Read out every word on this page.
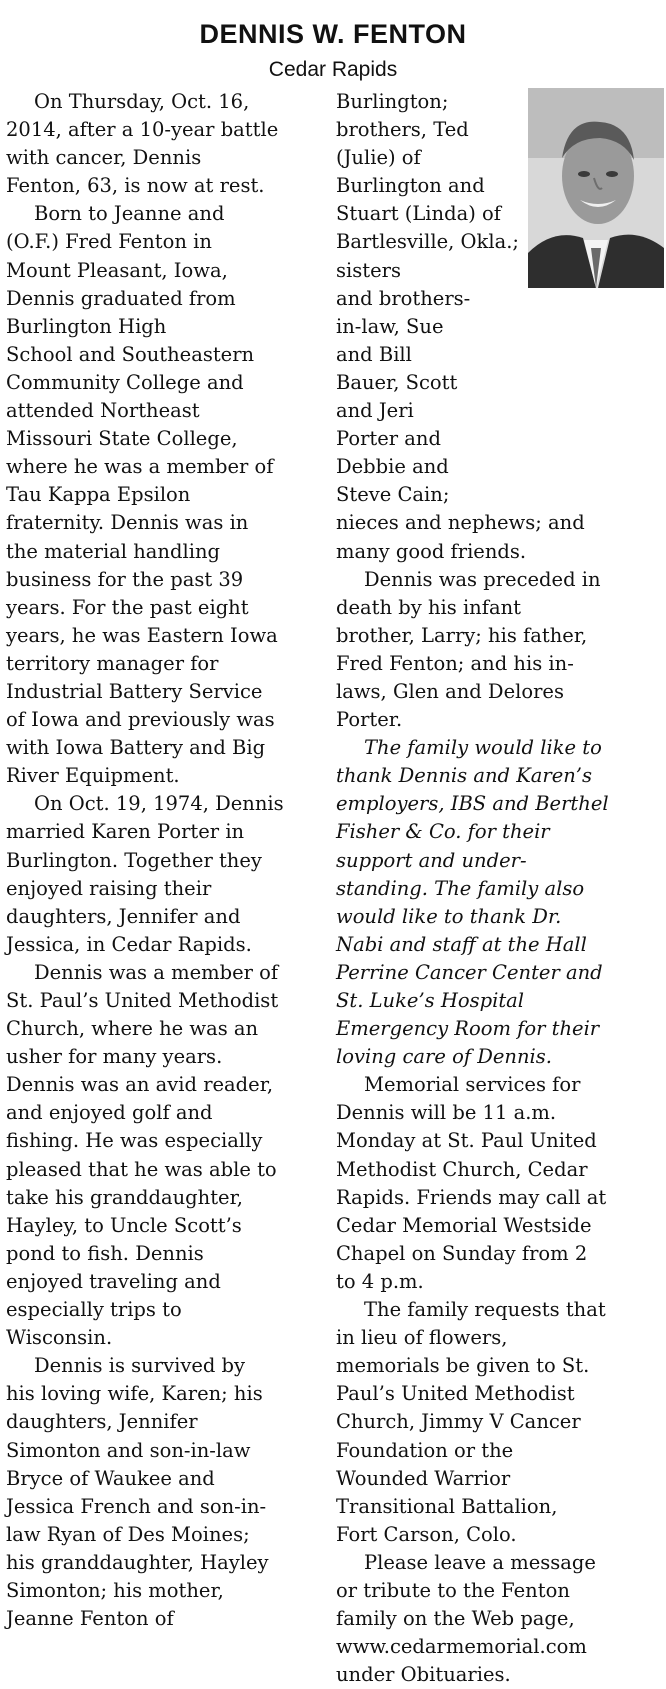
DENNIS W. FENTON
Cedar Rapids

On Thursday, Oct. 16,
2014, after a 10-year battle
with cancer, Dennis
Fenton, 63, is now at rest.

Born to Jeanne and
(O.F.) Fred Fenton in
Mount Pleasant, Iowa,
Dennis graduated from
Burlington High
School and Southeastern
Community College and
attended Northeast
Missouri State College,
where he was a member of
Tau Kappa Epsilon
fraternity. Dennis was in
the material handling
business for the past 39
years. For the past eight
years, he was Eastern Iowa
territory manager for
Industrial Battery Service
of Iowa and previously was
with Iowa Battery and Big
River Equipment.

On Oct. 19, 1974, Dennis
married Karen Porter in
Burlington. Together they
enjoyed raising their
daughters, Jennifer and
Jessica, in Cedar Rapids.

Dennis was a member of
St. Paul’s United Methodist
Church, where he was an
usher for many years.
Dennis was an avid reader,
and enjoyed golf and
fishing. He was especially
pleased that he was able to
take his granddaughter,
Hayley, to Uncle Scott’s
pond to fish. Dennis
enjoyed traveling and
especially trips to
Wisconsin.

Dennis is survived by
his loving wife, Karen; his
daughters, Jennifer
Simonton and son-in-law
Bryce of Waukee and
Jessica French and son-in-
law Ryan of Des Moines;
his granddaughter, Hayley
Simonton; his mother,
Jeanne Fenton of

Burlington; brothers, Ted
(Julie) of Burlington and
Stuart (Linda) of
Bartlesville, Okla.; sisters
and brothers-
in-law, Sue
and Bill
Bauer, Scott
and Jeri
Porter and
Debbie and
Steve Cain;
nieces and nephews; and
many good friends.

Dennis was preceded in
death by his infant
brother, Larry; his father,
Fred Fenton; and his in-
laws, Glen and Delores
Porter.

The family would like to
thank Dennis and Karen’s
employers, IBS and Berthel
Fisher & Co. for their
support and under-
standing. The family also
would like to thank Dr.
Nabi and staff at the Hall
Perrine Cancer Center and
St. Luke’s Hospital
Emergency Room for their
loving care of Dennis.

Memorial services for
Dennis will be 11 a.m.
Monday at St. Paul United
Methodist Church, Cedar
Rapids. Friends may call at
Cedar Memorial Westside
Chapel on Sunday from 2
to 4 p.m.

The family requests that
in lieu of flowers,
memorials be given to St.
Paul’s United Methodist
Church, Jimmy V Cancer
Foundation or the
Wounded Warrior
Transitional Battalion,
Fort Carson, Colo.

Please leave a message
or tribute to the Fenton
family on the Web page,
www.cedarmemorial.com
under Obituaries.
